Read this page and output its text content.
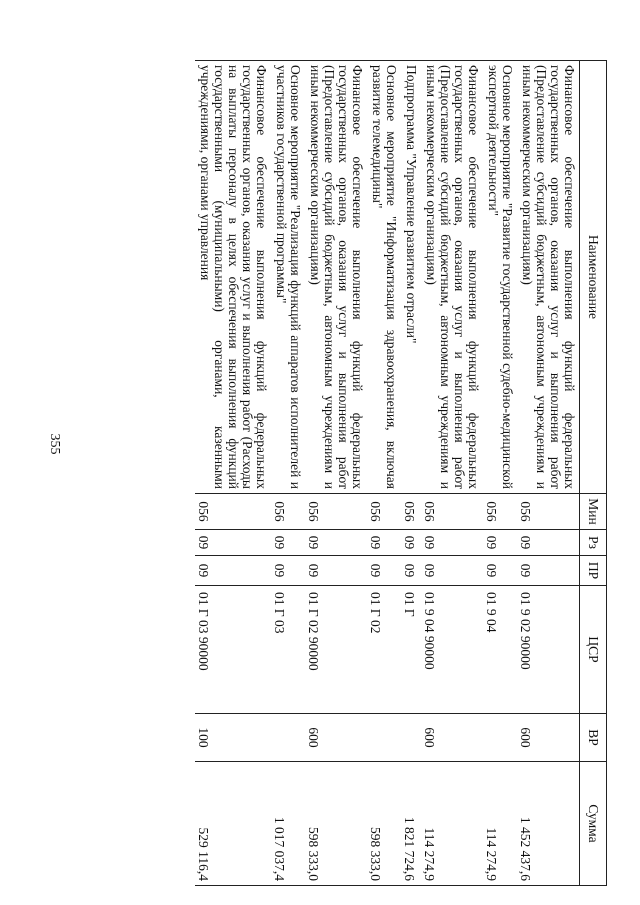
355
Наименование	Мин	Рз	ПР	ЦСР	ВР	Сумма
Финансовое обеспечение выполнения функций федеральных государственных органов, оказания услуг и выполнения работ (Предоставление субсидий бюджетным, автономным учреждениям и иным некоммерческим организациям)	056	09	09	01 9 02 90000	600	1 452 437,6
Основное мероприятие "Развитие государственной судебно-медицинской экспертной деятельности"	056	09	09	01 9 04		114 274,9
Финансовое обеспечение выполнения функций федеральных государственных органов, оказания услуг и выполнения работ (Предоставление субсидий бюджетным, автономным учреждениям и иным некоммерческим организациям)	056	09	09	01 9 04 90000	600	114 274,9
Подпрограмма "Управление развитием отрасли"	056	09	09	01 Г		1 821 724,6
Основное мероприятие "Информатизация здравоохранения, включая развитие телемедицины"	056	09	09	01 Г 02		598 333,0
Финансовое обеспечение выполнения функций федеральных государственных органов, оказания услуг и выполнения работ (Предоставление субсидий бюджетным, автономным учреждениям и иным некоммерческим организациям)	056	09	09	01 Г 02 90000	600	598 333,0
Основное мероприятие "Реализация функций аппаратов исполнителей и участников государственной программы"	056	09	09	01 Г 03		1 017 037,4
Финансовое обеспечение выполнения функций федеральных государственных органов, оказания услуг и выполнения работ (Расходы на выплаты персоналу в целях обеспечения выполнения функций государственными (муниципальными) органами, казенными учреждениями, органами управления	056	09	09	01 Г 03 90000	100	529 116,4
